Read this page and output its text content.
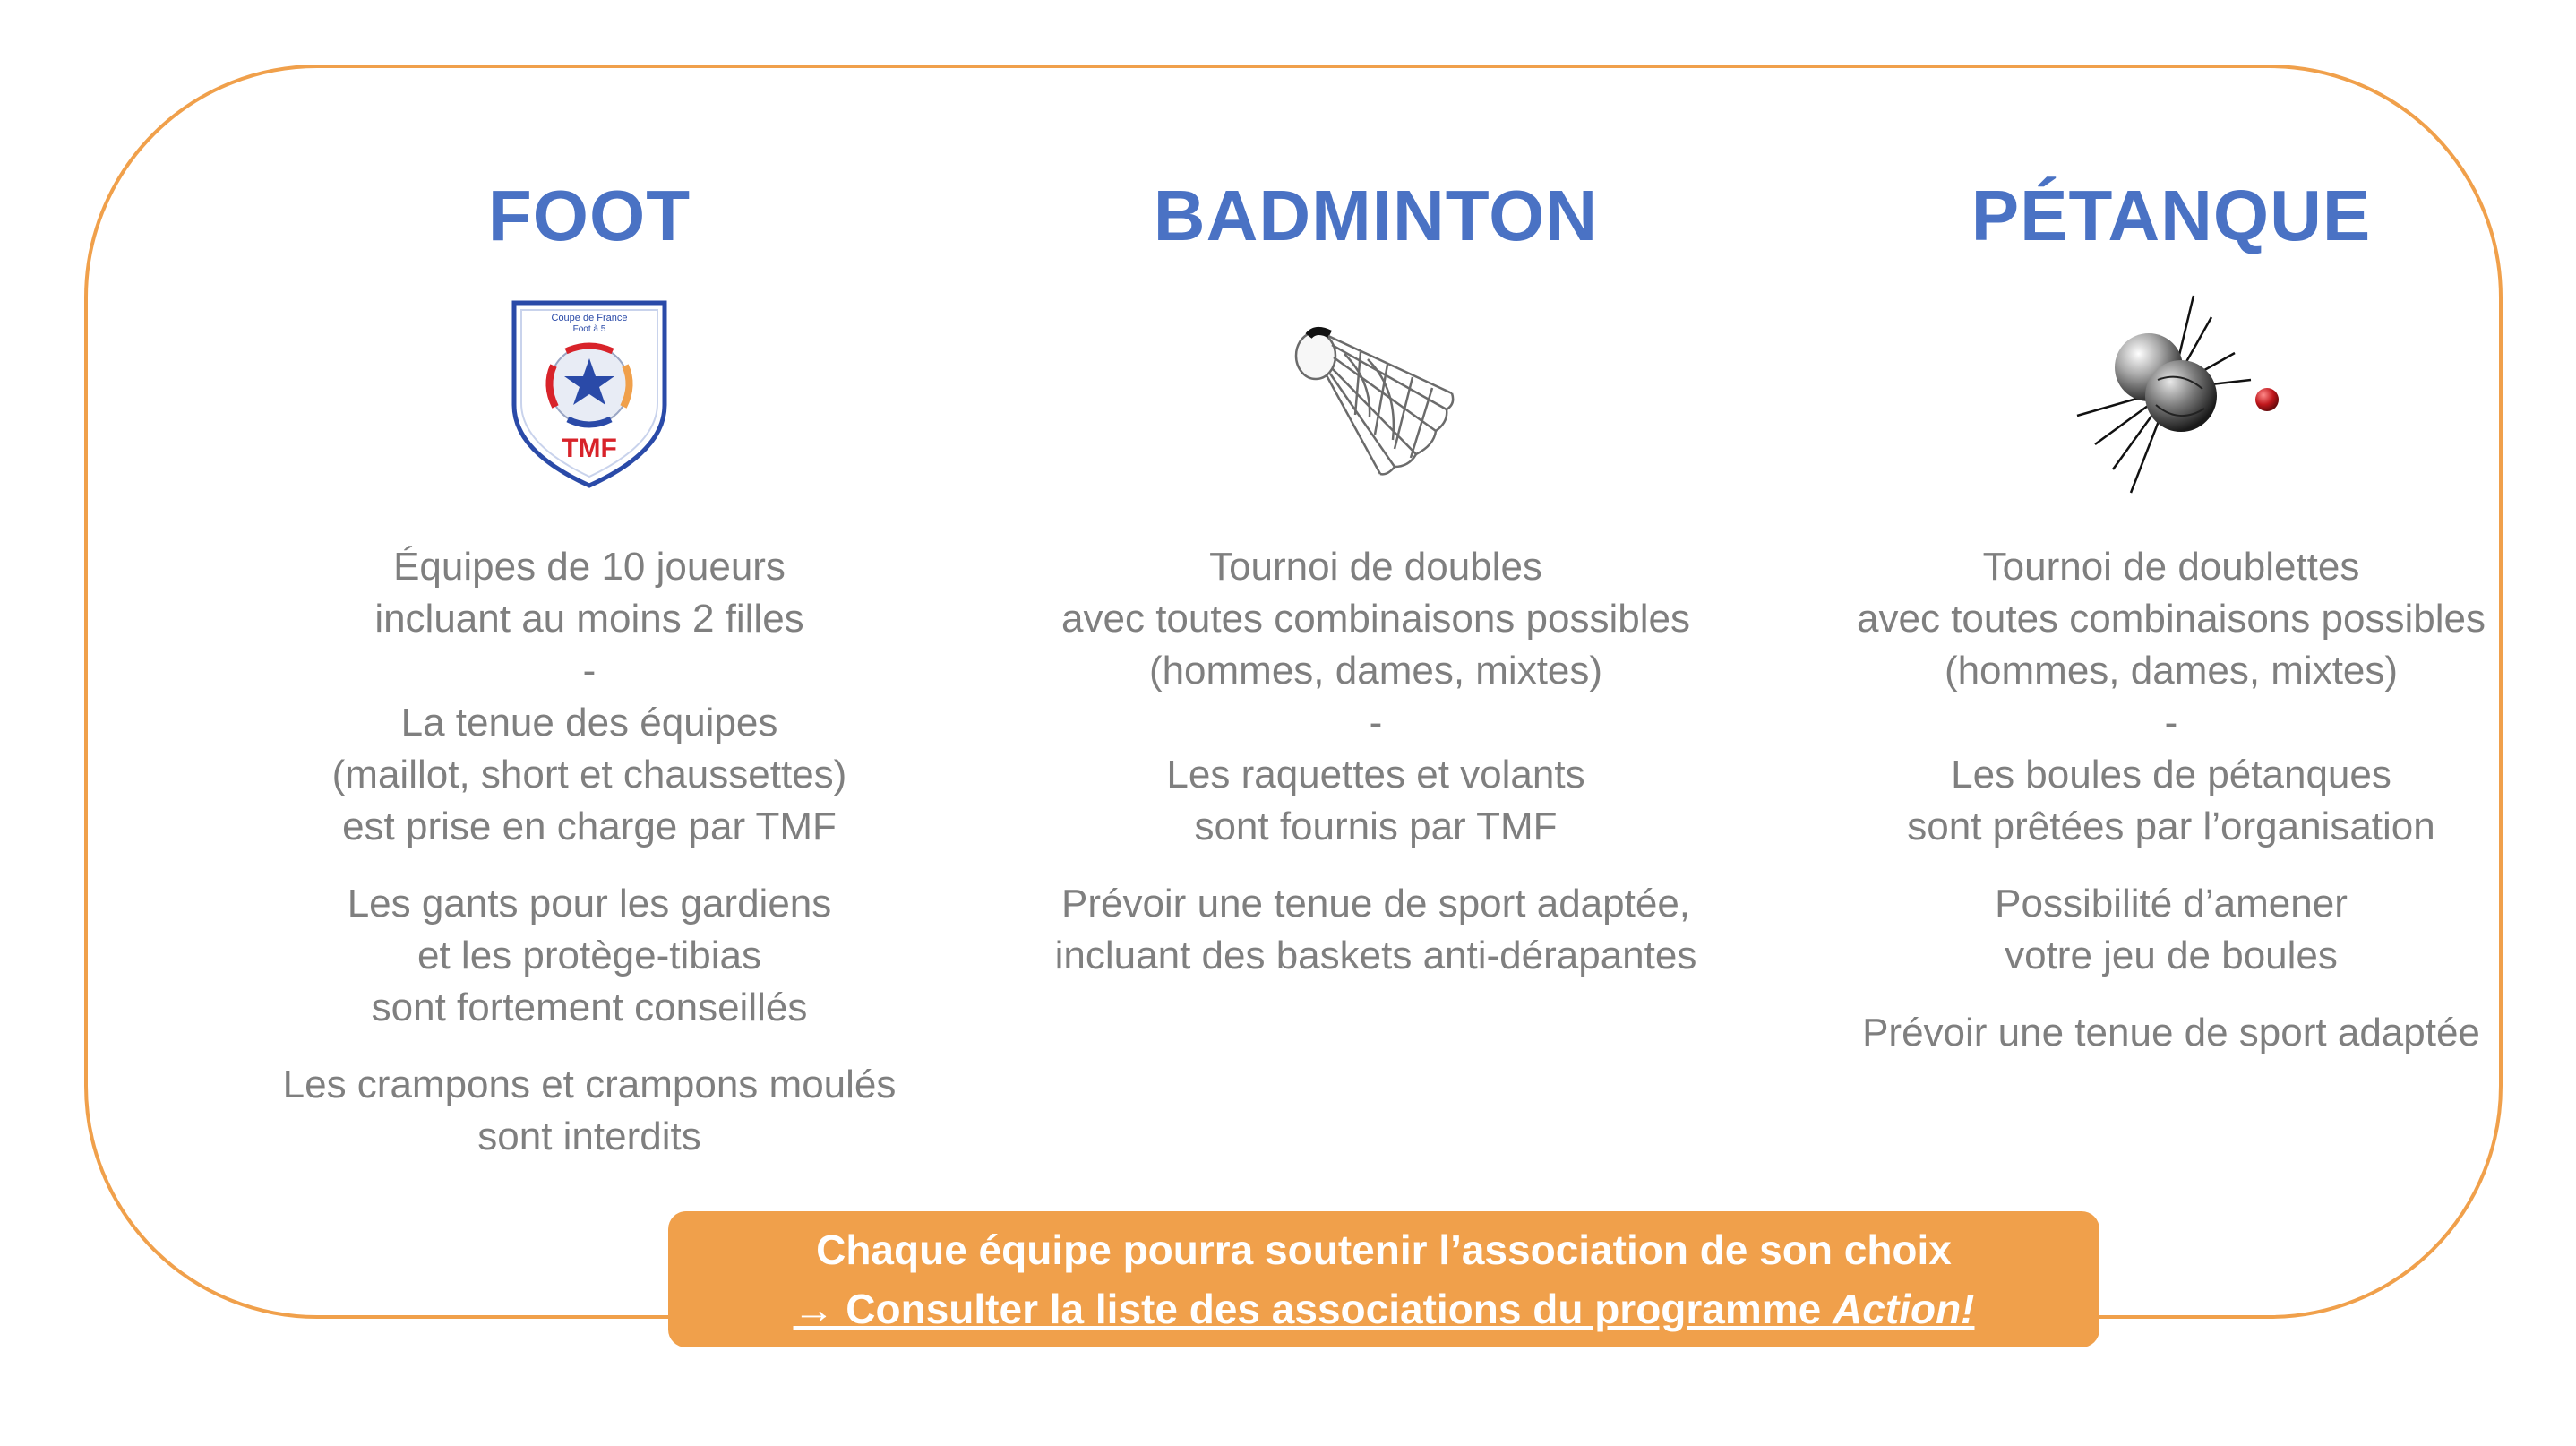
FOOT
Coupe de France
Foot à 5
TMF

Équipes de 10 joueurs
incluant au moins 2 filles
-
La tenue des équipes
(maillot, short et chaussettes)
est prise en charge par TMF

Les gants pour les gardiens
et les protège-tibias
sont fortement conseillés

Les crampons et crampons moulés
sont interdits

BADMINTON

Tournoi de doubles
avec toutes combinaisons possibles
(hommes, dames, mixtes)
-
Les raquettes et volants
sont fournis par TMF

Prévoir une tenue de sport adaptée,
incluant des baskets anti-dérapantes

PÉTANQUE

Tournoi de doublettes
avec toutes combinaisons possibles
(hommes, dames, mixtes)
-
Les boules de pétanques
sont prêtées par l’organisation

Possibilité d’amener
votre jeu de boules

Prévoir une tenue de sport adaptée

Chaque équipe pourra soutenir l’association de son choix
→ Consulter la liste des associations du programme Action!
